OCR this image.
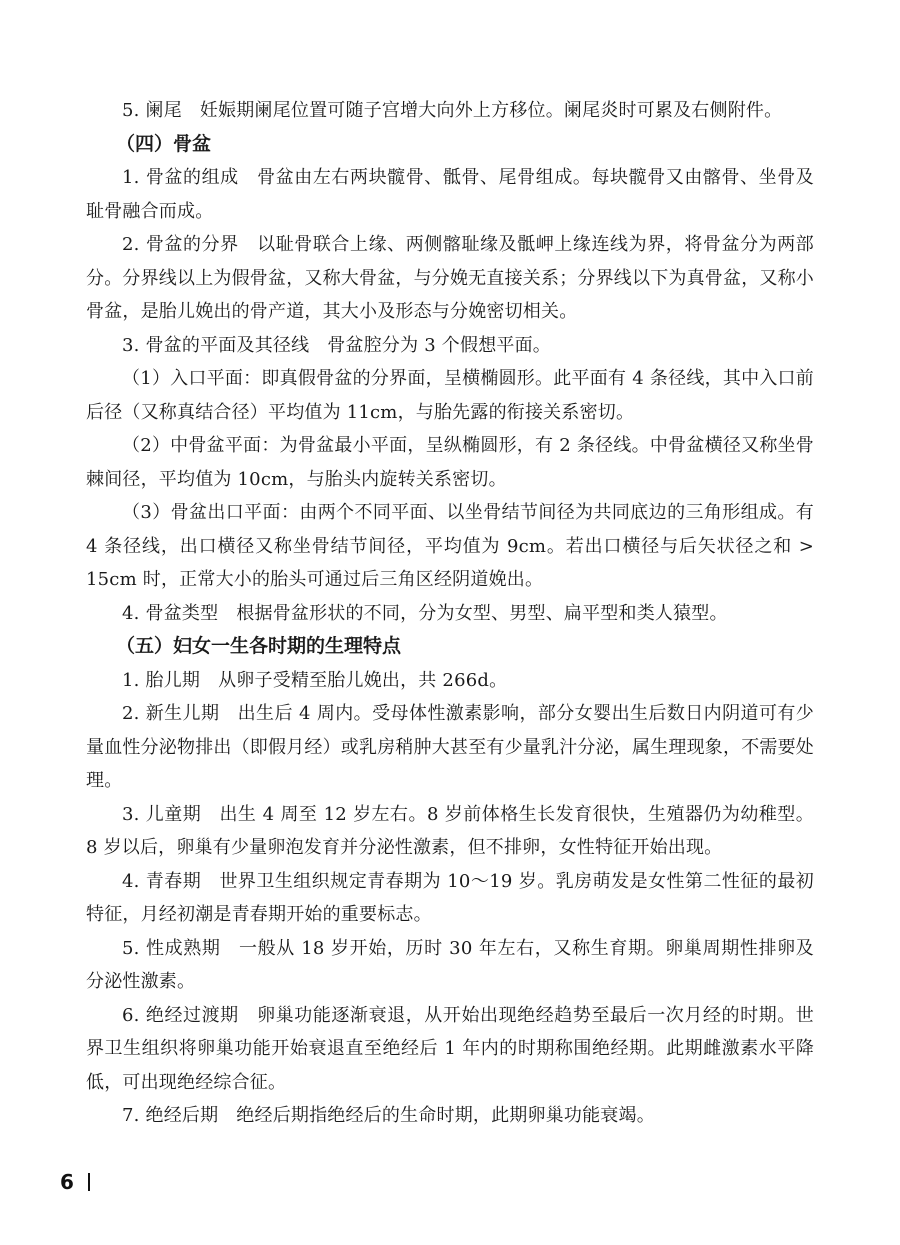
5. 阑尾 妊娠期阑尾位置可随子宫增大向外上方移位。阑尾炎时可累及右侧附件。

（四）骨盆

1. 骨盆的组成 骨盆由左右两块髋骨、骶骨、尾骨组成。每块髋骨又由髂骨、坐骨及耻骨融合而成。

2. 骨盆的分界 以耻骨联合上缘、两侧髂耻缘及骶岬上缘连线为界，将骨盆分为两部分。分界线以上为假骨盆，又称大骨盆，与分娩无直接关系；分界线以下为真骨盆，又称小骨盆，是胎儿娩出的骨产道，其大小及形态与分娩密切相关。

3. 骨盆的平面及其径线 骨盆腔分为 3 个假想平面。

（1）入口平面：即真假骨盆的分界面，呈横椭圆形。此平面有 4 条径线，其中入口前后径（又称真结合径）平均值为 11cm，与胎先露的衔接关系密切。

（2）中骨盆平面：为骨盆最小平面，呈纵椭圆形，有 2 条径线。中骨盆横径又称坐骨棘间径，平均值为 10cm，与胎头内旋转关系密切。

（3）骨盆出口平面：由两个不同平面、以坐骨结节间径为共同底边的三角形组成。有 4 条径线，出口横径又称坐骨结节间径，平均值为 9cm。若出口横径与后矢状径之和 > 15cm 时，正常大小的胎头可通过后三角区经阴道娩出。

4. 骨盆类型 根据骨盆形状的不同，分为女型、男型、扁平型和类人猿型。

（五）妇女一生各时期的生理特点

1. 胎儿期 从卵子受精至胎儿娩出，共 266d。

2. 新生儿期 出生后 4 周内。受母体性激素影响，部分女婴出生后数日内阴道可有少量血性分泌物排出（即假月经）或乳房稍肿大甚至有少量乳汁分泌，属生理现象，不需要处理。

3. 儿童期 出生 4 周至 12 岁左右。8 岁前体格生长发育很快，生殖器仍为幼稚型。8 岁以后，卵巢有少量卵泡发育并分泌性激素，但不排卵，女性特征开始出现。

4. 青春期 世界卫生组织规定青春期为 10～19 岁。乳房萌发是女性第二性征的最初特征，月经初潮是青春期开始的重要标志。

5. 性成熟期 一般从 18 岁开始，历时 30 年左右，又称生育期。卵巢周期性排卵及分泌性激素。

6. 绝经过渡期 卵巢功能逐渐衰退，从开始出现绝经趋势至最后一次月经的时期。世界卫生组织将卵巢功能开始衰退直至绝经后 1 年内的时期称围绝经期。此期雌激素水平降低，可出现绝经综合征。

7. 绝经后期 绝经后期指绝经后的生命时期，此期卵巢功能衰竭。

6
